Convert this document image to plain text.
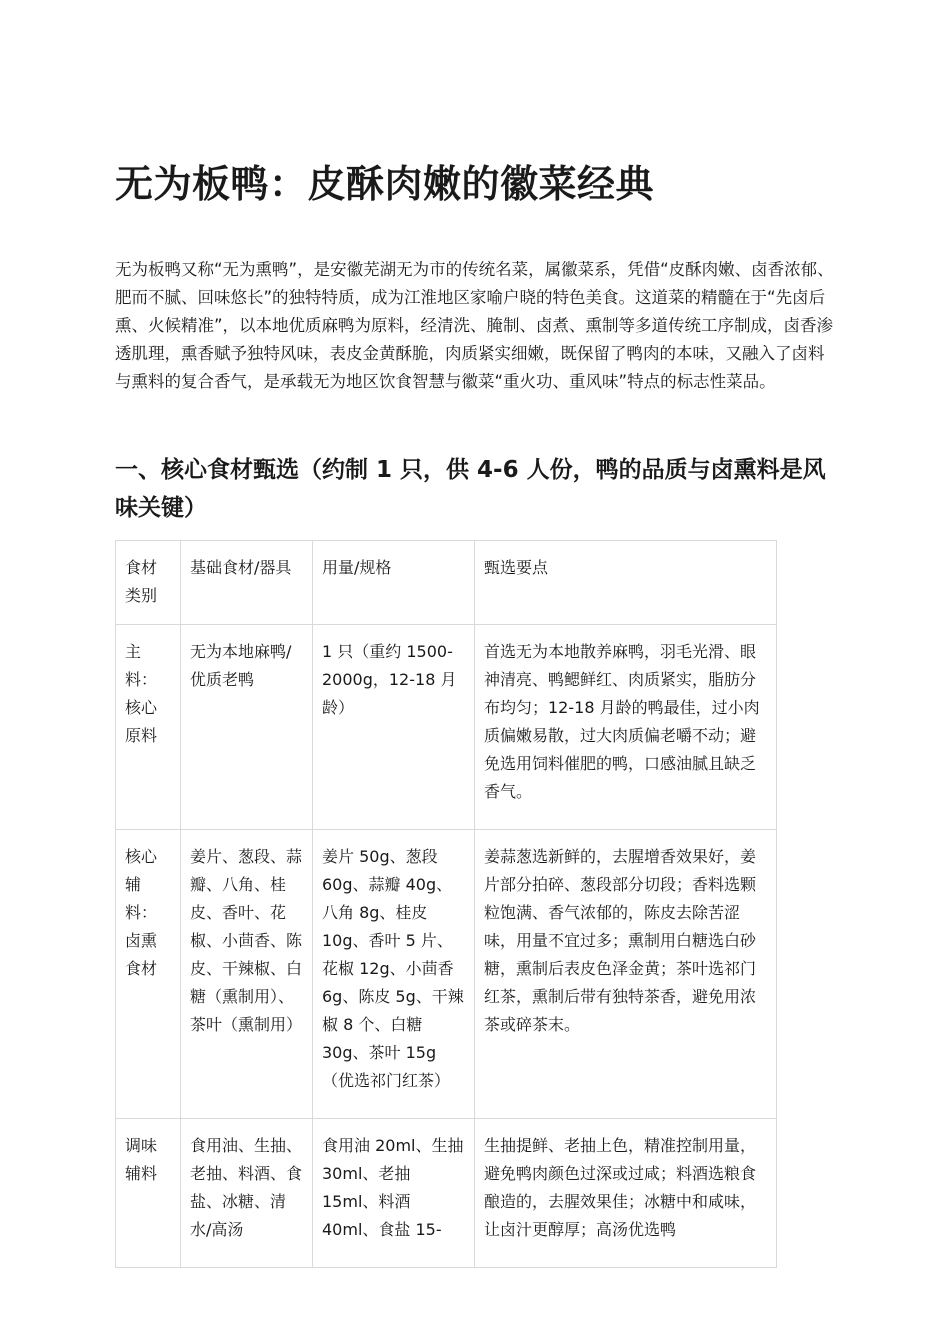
无为板鸭：皮酥肉嫩的徽菜经典

无为板鸭又称“无为熏鸭”，是安徽芜湖无为市的传统名菜，属徽菜系，凭借“皮酥肉嫩、卤香浓郁、肥而不腻、回味悠长”的独特特质，成为江淮地区家喻户晓的特色美食。这道菜的精髓在于“先卤后熏、火候精准”，以本地优质麻鸭为原料，经清洗、腌制、卤煮、熏制等多道传统工序制成，卤香渗透肌理，熏香赋予独特风味，表皮金黄酥脆，肉质紧实细嫩，既保留了鸭肉的本味，又融入了卤料与熏料的复合香气，是承载无为地区饮食智慧与徽菜“重火功、重风味”特点的标志性菜品。

一、核心食材甄选（约制 1 只，供 4-6 人份，鸭的品质与卤熏料是风味关键）
食材类别	基础食材/器具	用量/规格	甄选要点
主料：核心原料	无为本地麻鸭/优质老鸭	1 只（重约 1500-2000g，12-18 月龄）	首选无为本地散养麻鸭，羽毛光滑、眼神清亮、鸭鳃鲜红、肉质紧实，脂肪分布均匀；12-18 月龄的鸭最佳，过小肉质偏嫩易散，过大肉质偏老嚼不动；避免选用饲料催肥的鸭，口感油腻且缺乏香气。
核心辅料：卤熏食材	姜片、葱段、蒜瓣、八角、桂皮、香叶、花椒、小茴香、陈皮、干辣椒、白糖（熏制用）、茶叶（熏制用）	姜片 50g、葱段 60g、蒜瓣 40g、八角 8g、桂皮 10g、香叶 5 片、花椒 12g、小茴香 6g、陈皮 5g、干辣椒 8 个、白糖 30g、茶叶 15g（优选祁门红茶）	姜蒜葱选新鲜的，去腥增香效果好，姜片部分拍碎、葱段部分切段；香料选颗粒饱满、香气浓郁的，陈皮去除苦涩味，用量不宜过多；熏制用白糖选白砂糖，熏制后表皮色泽金黄；茶叶选祁门红茶，熏制后带有独特茶香，避免用浓茶或碎茶末。
调味辅料	食用油、生抽、老抽、料酒、食盐、冰糖、清水/高汤	食用油 20ml、生抽 30ml、老抽 15ml、料酒 40ml、食盐 15-	生抽提鲜、老抽上色，精准控制用量，避免鸭肉颜色过深或过咸；料酒选粮食酿造的，去腥效果佳；冰糖中和咸味，让卤汁更醇厚；高汤优选鸭
